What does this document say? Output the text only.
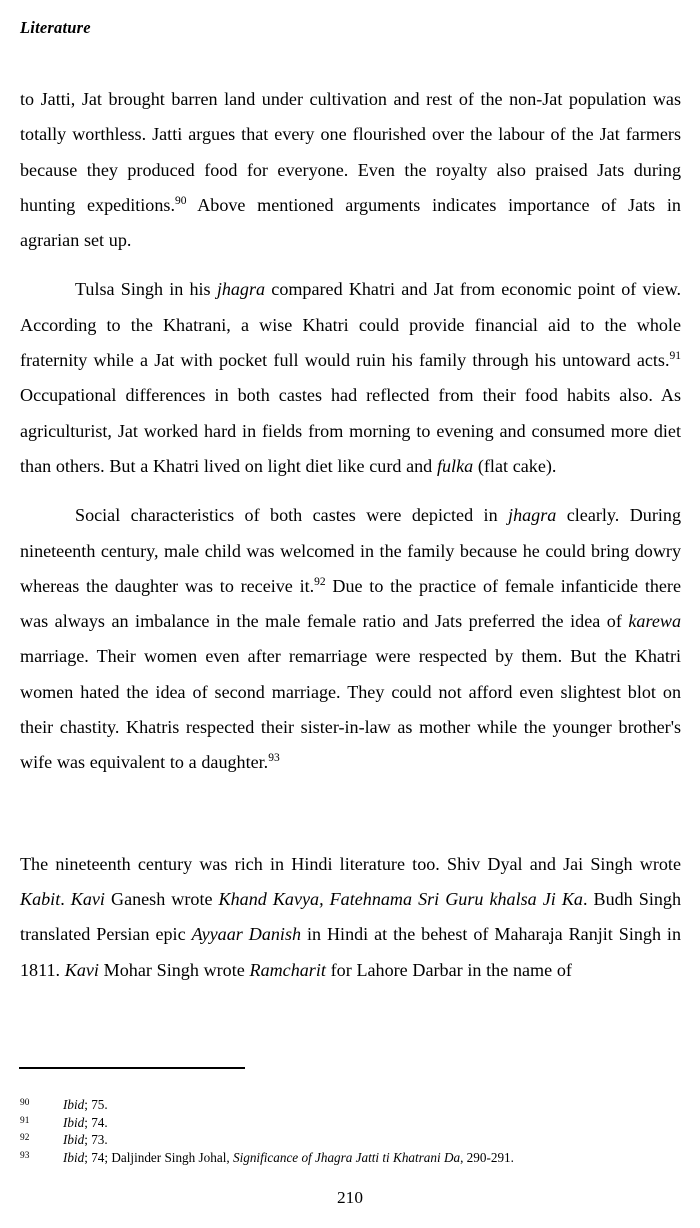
Literature

to Jatti, Jat brought barren land under cultivation and rest of the non-Jat population was totally worthless. Jatti argues that every one flourished over the labour of the Jat farmers because they produced food for everyone. Even the royalty also praised Jats during hunting expeditions.$^{90}$ Above mentioned arguments indicates importance of Jats in agrarian set up.

Tulsa Singh in his jhagra compared Khatri and Jat from economic point of view. According to the Khatrani, a wise Khatri could provide financial aid to the whole fraternity while a Jat with pocket full would ruin his family through his untoward acts.$^{91}$ Occupational differences in both castes had reflected from their food habits also. As agriculturist, Jat worked hard in fields from morning to evening and consumed more diet than others. But a Khatri lived on light diet like curd and fulka (flat cake).

Social characteristics of both castes were depicted in jhagra clearly. During nineteenth century, male child was welcomed in the family because he could bring dowry whereas the daughter was to receive it.$^{92}$ Due to the practice of female infanticide there was always an imbalance in the male female ratio and Jats preferred the idea of karewa marriage. Their women even after remarriage were respected by them. But the Khatri women hated the idea of second marriage. They could not afford even slightest blot on their chastity. Khatris respected their sister-in-law as mother while the younger brother's wife was equivalent to a daughter.$^{93}$

The nineteenth century was rich in Hindi literature too. Shiv Dyal and Jai Singh wrote Kabit. Kavi Ganesh wrote Khand Kavya, Fatehnama Sri Guru khalsa Ji Ka. Budh Singh translated Persian epic Ayyaar Danish in Hindi at the behest of Maharaja Ranjit Singh in 1811. Kavi Mohar Singh wrote Ramcharit for Lahore Darbar in the name of

90	Ibid; 75.
91	Ibid; 74.
92	Ibid; 73.
93	Ibid; 74; Daljinder Singh Johal, Significance of Jhagra Jatti ti Khatrani Da, 290-291.
210
